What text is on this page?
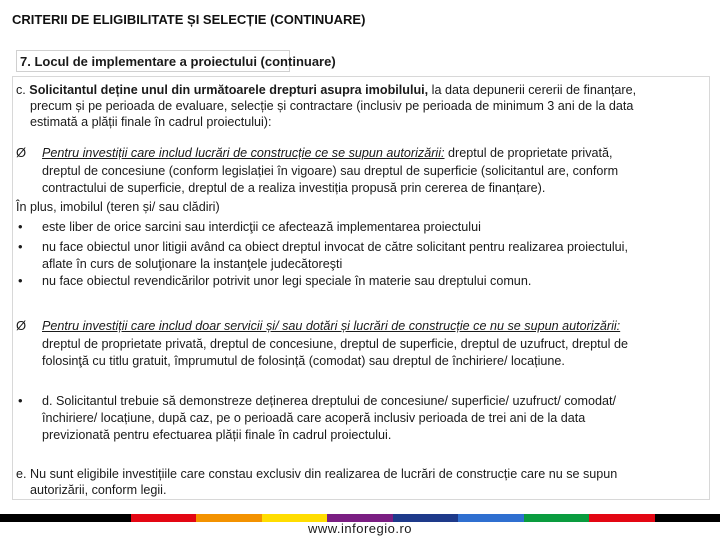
CRITERII DE ELIGIBILITATE ȘI SELECȚIE (CONTINUARE)
7. Locul de implementare a proiectului (continuare)
c. Solicitantul deține unul din următoarele drepturi asupra imobilului, la data depunerii cererii de finanțare,
precum și pe perioada de evaluare, selecție și contractare (inclusiv pe perioada de minimum 3 ani de la data
estimată a plății finale în cadrul proiectului):
Ø Pentru investiții care includ lucrări de construcție ce se supun autorizării: dreptul de proprietate privată,
dreptul de concesiune (conform legislației în vigoare) sau dreptul de superficie (solicitantul are, conform
contractului de superficie, dreptul de a realiza investiția propusă prin cererea de finanțare).
În plus, imobilul (teren și/ sau clădiri)
• este liber de orice sarcini sau interdicţii ce afectează implementarea proiectului
• nu face obiectul unor litigii având ca obiect dreptul invocat de către solicitant pentru realizarea proiectului,
aflate în curs de soluţionare la instanţele judecătoreşti
• nu face obiectul revendicărilor potrivit unor legi speciale în materie sau dreptului comun.
Ø Pentru investiții care includ doar servicii și/ sau dotări și lucrări de construcție ce nu se supun autorizării:
dreptul de proprietate privată, dreptul de concesiune, dreptul de superficie, dreptul de uzufruct, dreptul de
folosinţă cu titlu gratuit, împrumutul de folosință (comodat) sau dreptul de închiriere/ locațiune.
• d. Solicitantul trebuie să demonstreze deținerea dreptului de concesiune/ superficie/ uzufruct/ comodat/
închiriere/ locațiune, după caz, pe o perioadă care acoperă inclusiv perioada de trei ani de la data
previzionată pentru efectuarea plății finale în cadrul proiectului.
e. Nu sunt eligibile investițiile care constau exclusiv din realizarea de lucrări de construcție care nu se supun
autorizării, conform legii.
www.inforegio.ro
